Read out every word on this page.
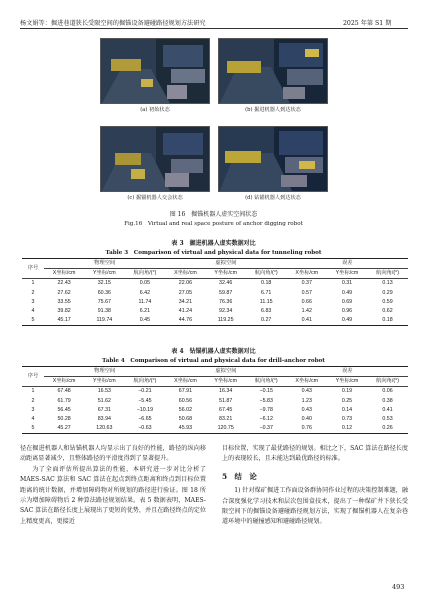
杨文娟等：掘进巷道狭长受限空间的掘锚设备避碰路径规划方法研究	2025 年第 S1 期
(a) 初始状态	(b) 掘进机器人到达状态
(c) 掘锚机器人交会状态	(d) 钻锚机器人到达状态
图 16　掘锚机器人虚实空间状态
Fig.16　Virtual and real space posture of anchor digging robot
表 3　掘进机器人虚实数据对比
Table 3　Comparison of virtual and physical data for tunneling robot
序号	物理空间			虚拟空间			误差		
	X坐标/cm	Y坐标/cm	航向角/(°)	X坐标/cm	Y坐标/cm	航向角/(°)	X坐标/cm	Y坐标/cm	航向角/(°)
1	22.43	32.15	0.05	22.06	32.46	0.18	0.37	0.31	0.13
2	27.62	60.36	6.42	27.05	59.87	6.71	0.57	0.49	0.29
3	33.55	75.67	11.74	34.21	76.36	11.15	0.66	0.69	0.59
4	39.82	91.38	6.21	41.24	92.34	6.83	1.42	0.96	0.62
5	45.17	119.74	0.45	44.76	119.25	0.27	0.41	0.49	0.18
表 4　钻锚机器人虚实数据对比
Table 4　Comparison of virtual and physical data for drill-anchor robot
序号	物理空间			虚拟空间			误差		
	X坐标/cm	Y坐标/cm	航向角/(°)	X坐标/cm	Y坐标/cm	航向角/(°)	X坐标/cm	Y坐标/cm	航向角/(°)
1	67.48	16.53	−0.21	67.91	16.34	−0.15	0.43	0.19	0.06
2	61.79	51.62	−5.45	60.56	51.87	−5.83	1.23	0.25	0.38
3	56.45	67.31	−10.19	56.02	67.45	−9.78	0.43	0.14	0.41
4	50.28	83.94	−6.65	50.68	83.21	−6.12	0.40	0.73	0.53
5	45.27	120.63	−0.63	45.93	120.75	−0.37	0.76	0.12	0.26

径在掘进机器人和钻锚机器人均显示出了良好的性能，路径的纵向移动距离显著减少，且整体路径的平滑度得到了显著提升。

为了全面评估所提出算法的性能，本研究进一步对比分析了 MAES-SAC 算法和 SAC 算法在起点到终点距离和终点到目标位置距离的统计数据，并增加障碍物对所规划的路径进行验证。图 18 所示为增加障碍物后 2 种算法路径规划结果。表 5 数据表明，MAES-SAC 算法在路径长度上展现出了更短的优势，并且在路径终点的定位上精度更高，更接近

目标位置，实现了最优路径的规划。相比之下，SAC 算法在路径长度上的表现较长，且未能达到最优路径的标准。

5　结　论

1) 针对煤矿掘进工作面设备群协同作业过程的决策控制难题，融合深度强化学习技术和层次包围盒技术，提出了一种煤矿井下狭长受限空间下的掘锚设备避碰路径规划方法，实现了掘锚机器人在复杂巷道环境中的碰撞感知和避碰路径规划。

493
